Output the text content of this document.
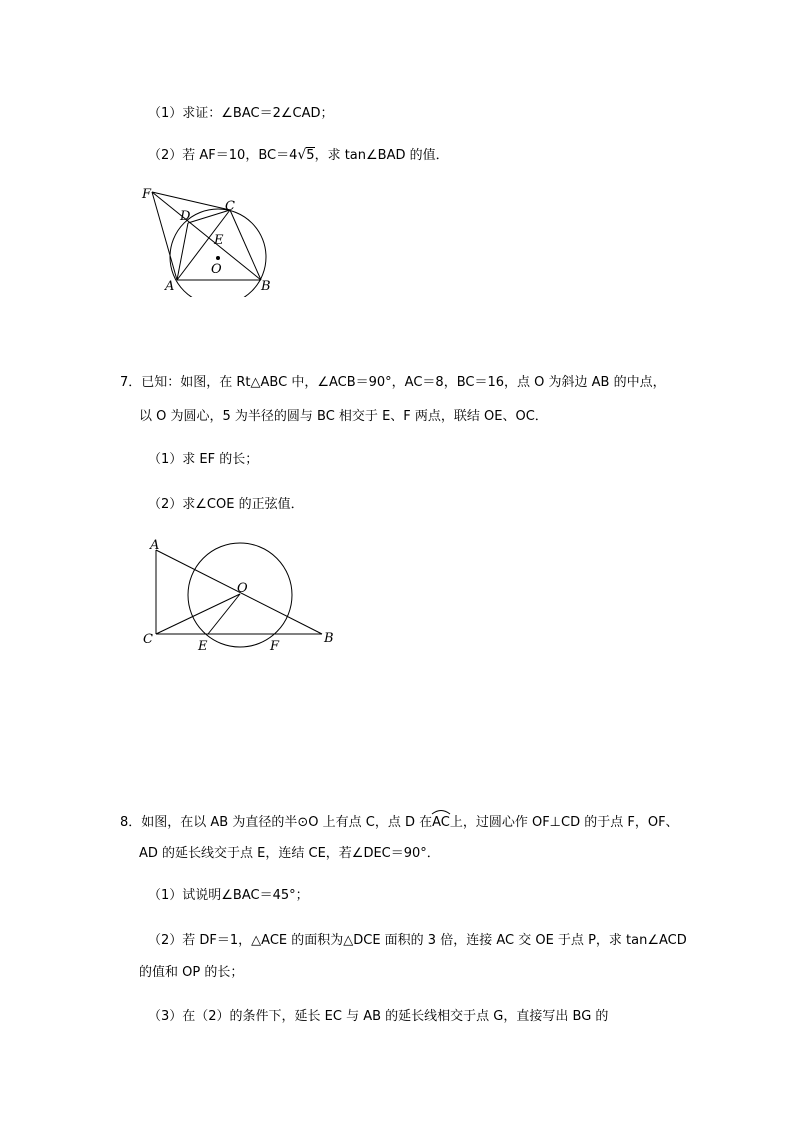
（1）求证：∠BAC＝2∠CAD；
（2）若 AF＝10，BC＝4√5，求 tan∠BAD 的值．
F
D
C
E
O
A	B
7．已知：如图，在 Rt△ABC 中，∠ACB＝90°，AC＝8，BC＝16，点 O 为斜边 AB 的中点，
以 O 为圆心，5 为半径的圆与 BC 相交于 E、F 两点，联结 OE、OC．
（1）求 EF 的长；
（2）求∠COE 的正弦值．
A
O
C	E	F
B
8．如图，在以 AB 为直径的半⊙O 上有点 C，点 D 在
AC上，过圆心作 OF⊥CD 的于点 F，OF、
AD 的延长线交于点 E，连结 CE，若∠DEC＝90°．
（1）试说明∠BAC＝45°；
（2）若 DF＝1，△ACE 的面积为△DCE 面积的 3 倍，连接 AC 交 OE 于点 P，求 tan∠ACD
的值和 OP 的长；
（3）在（2）的条件下，延长 EC 与 AB 的延长线相交于点 G，直接写出 BG 的
